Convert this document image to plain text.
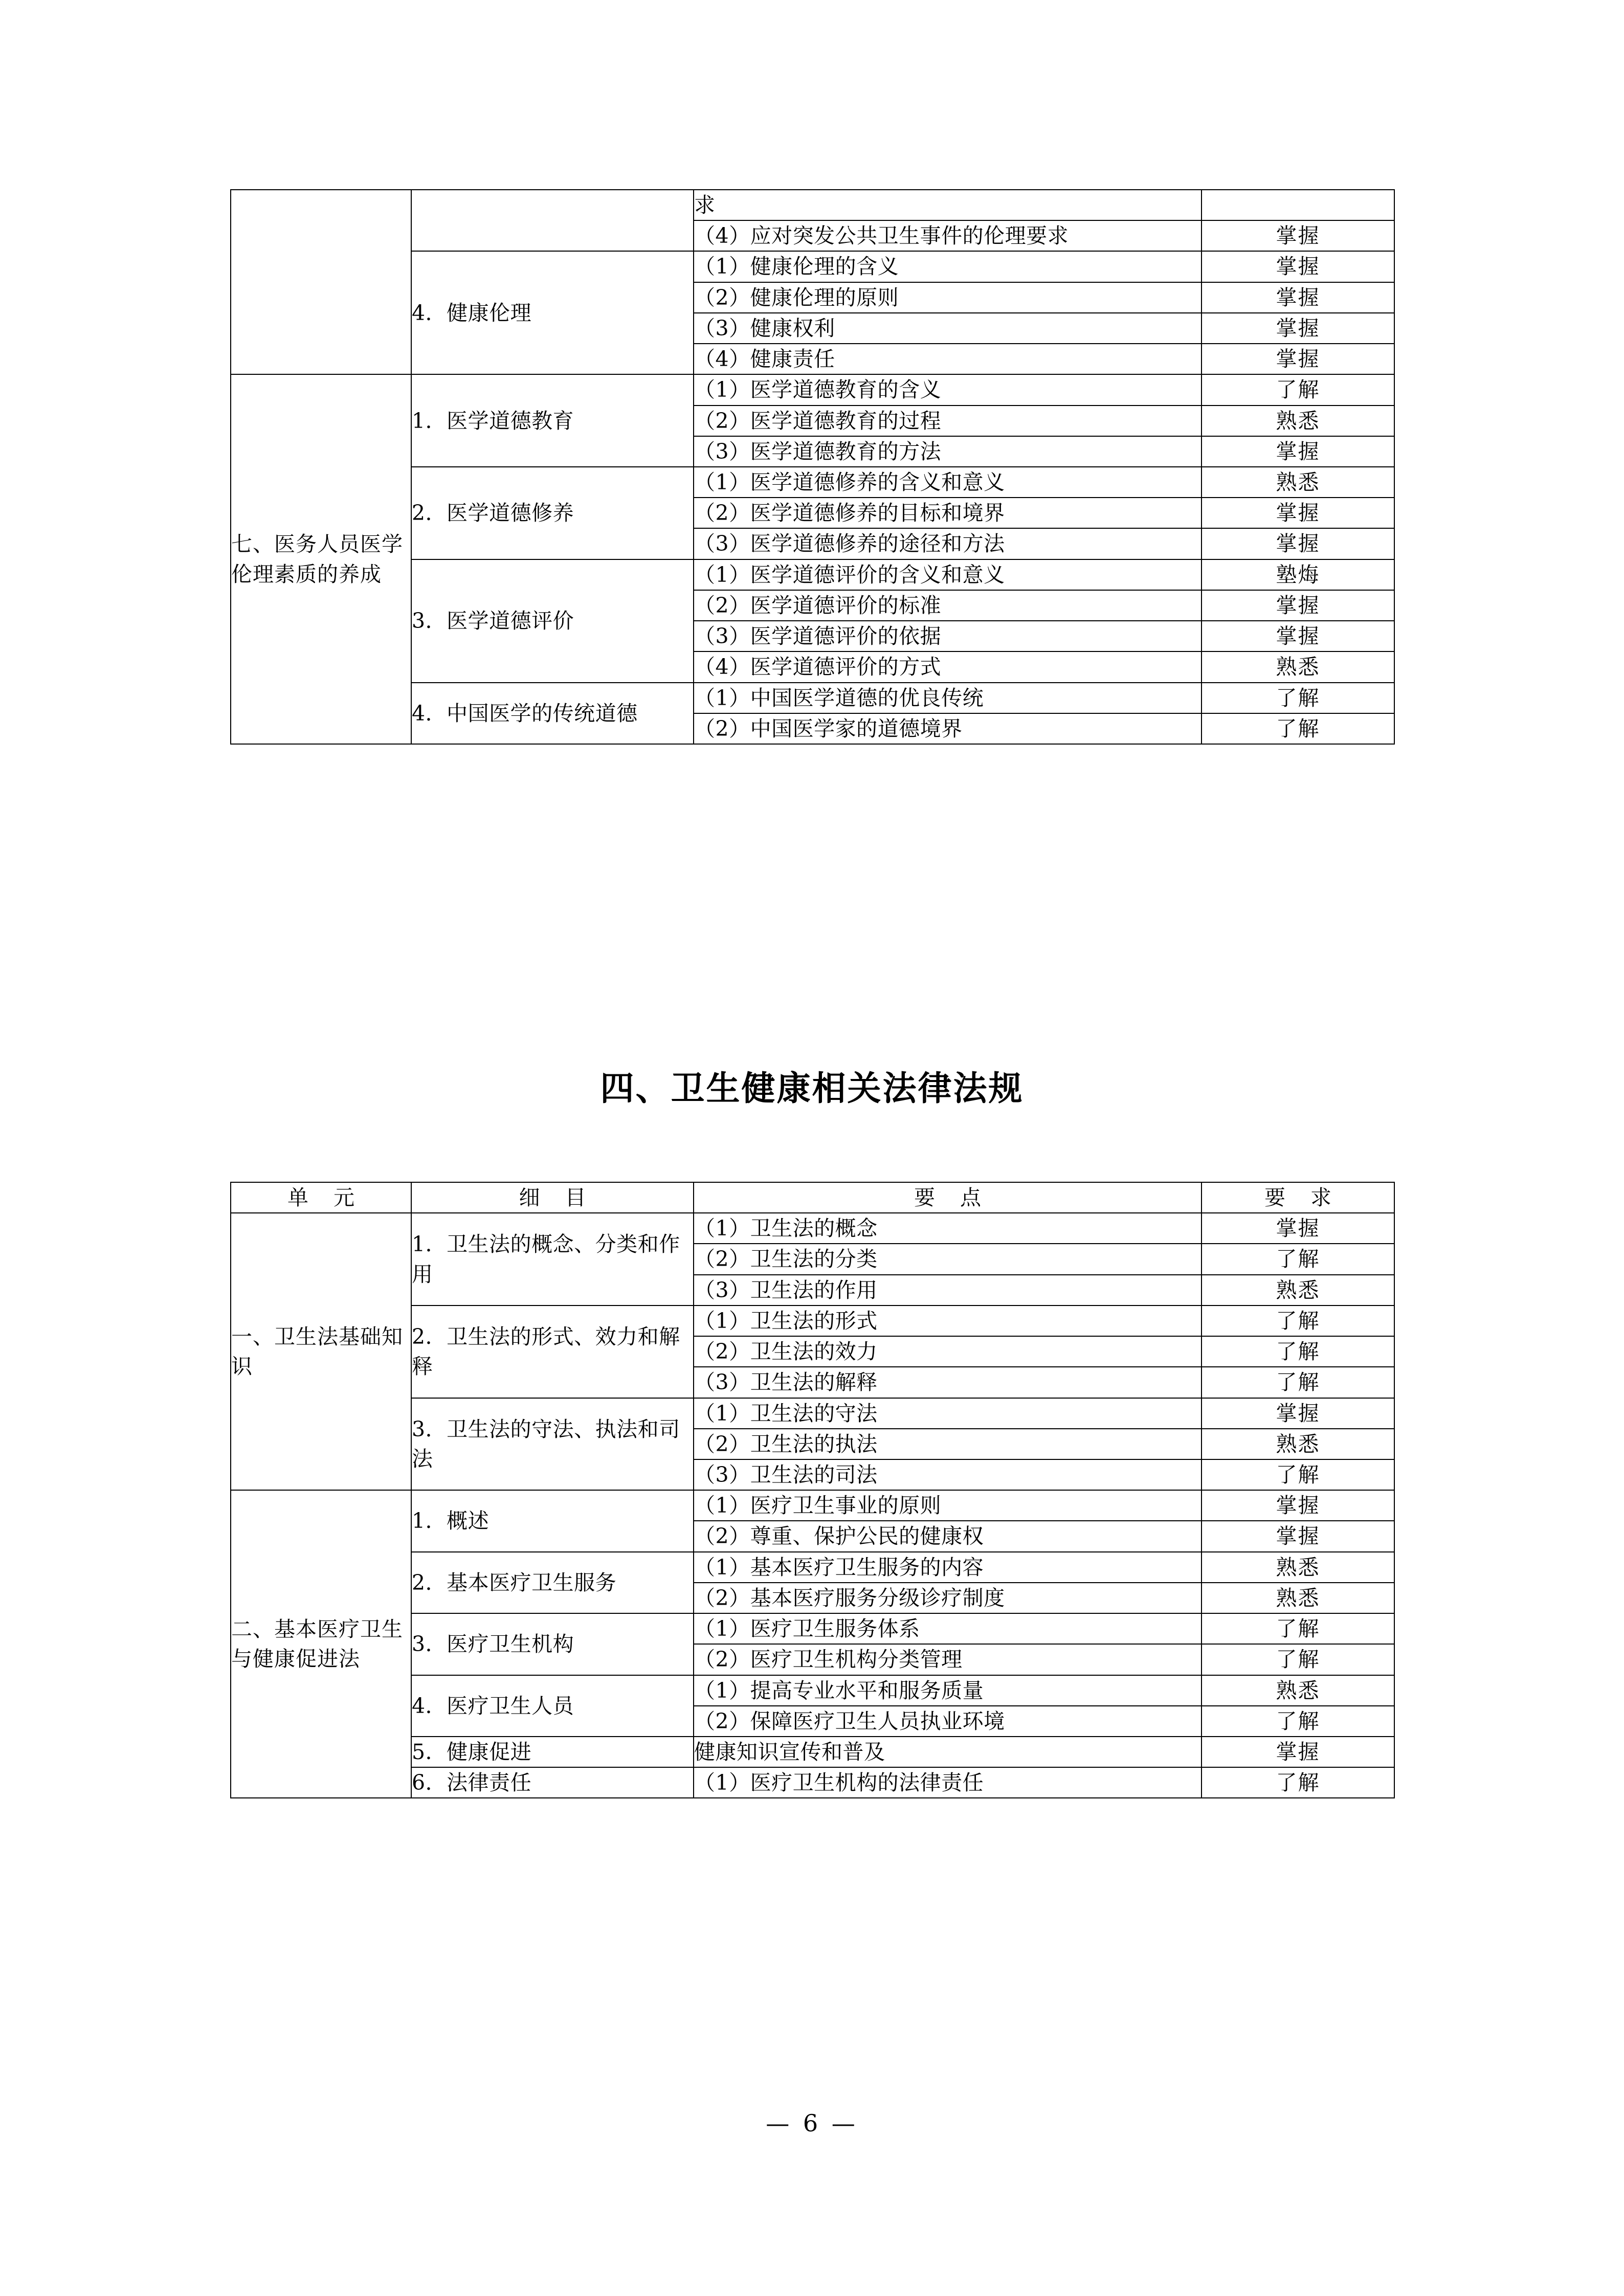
		求	
		（4）应对突发公共卫生事件的伦理要求	掌握
	4．健康伦理	（1）健康伦理的含义	掌握
		（2）健康伦理的原则	掌握
		（3）健康权利	掌握
		（4）健康责任	掌握
七、医务人员医学伦理素质的养成	1．医学道德教育	（1）医学道德教育的含义	了解
		（2）医学道德教育的过程	熟悉
		（3）医学道德教育的方法	掌握
	2．医学道德修养	（1）医学道德修养的含义和意义	熟悉
		（2）医学道德修养的目标和境界	掌握
		（3）医学道德修养的途径和方法	掌握
	3．医学道德评价	（1）医学道德评价的含义和意义	塾烸
		（2）医学道德评价的标准	掌握
		（3）医学道德评价的依据	掌握
		（4）医学道德评价的方式	熟悉
	4．中国医学的传统道德	（1）中国医学道德的优良传统	了解
		（2）中国医学家的道德境界	了解
四、卫生健康相关法律法规
单 元	细 目	要 点	要 求
一、卫生法基础知识	1．卫生法的概念、分类和作用	（1）卫生法的概念	掌握
		（2）卫生法的分类	了解
		（3）卫生法的作用	熟悉
	2．卫生法的形式、效力和解释	（1）卫生法的形式	了解
		（2）卫生法的效力	了解
		（3）卫生法的解释	了解
	3．卫生法的守法、执法和司法	（1）卫生法的守法	掌握
		（2）卫生法的执法	熟悉
		（3）卫生法的司法	了解
二、基本医疗卫生与健康促进法	1．概述	（1）医疗卫生事业的原则	掌握
		（2）尊重、保护公民的健康权	掌握
	2．基本医疗卫生服务	（1）基本医疗卫生服务的内容	熟悉
		（2）基本医疗服务分级诊疗制度	熟悉
	3．医疗卫生机构	（1）医疗卫生服务体系	了解
		（2）医疗卫生机构分类管理	了解
	4．医疗卫生人员	（1）提高专业水平和服务质量	熟悉
		（2）保障医疗卫生人员执业环境	了解
	5．健康促进	健康知识宣传和普及	掌握
	6．法律责任	（1）医疗卫生机构的法律责任	了解
— 6 —
